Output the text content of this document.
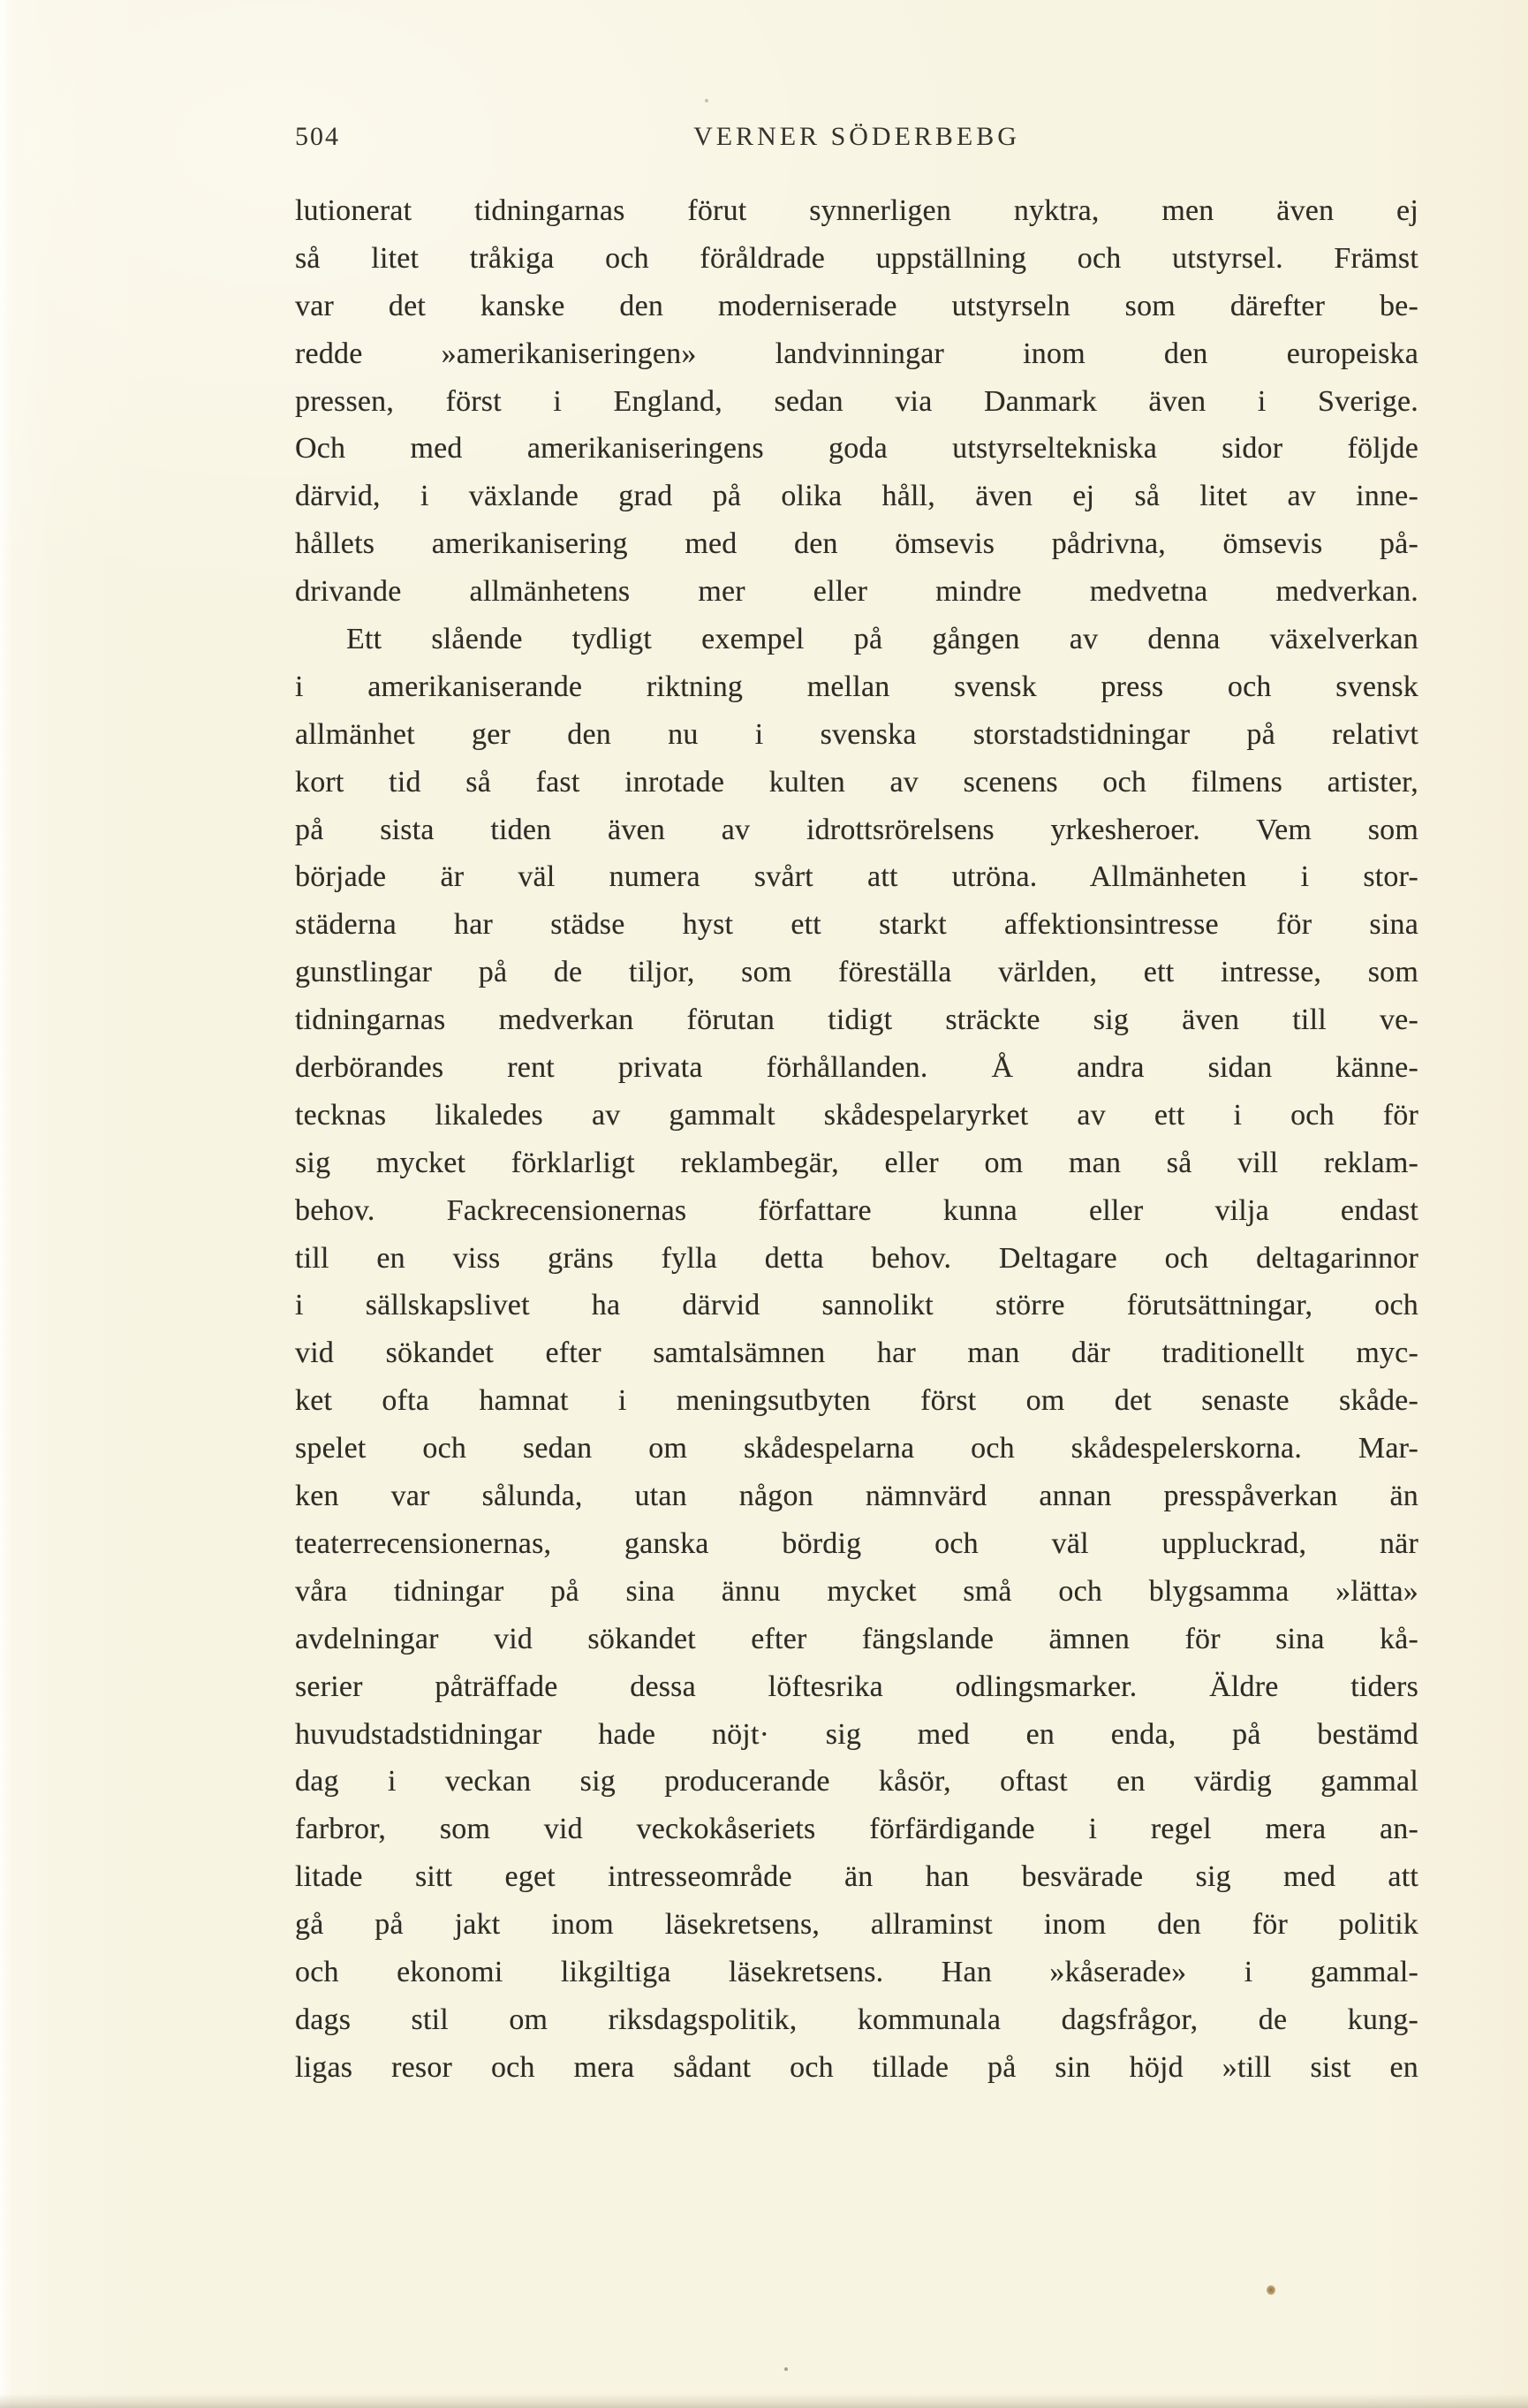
504	VERNER SÖDERBEBG
lutionerat tidningarnas förut synnerligen nyktra, men även ej
så litet tråkiga och föråldrade uppställning och utstyrsel. Främst
var det kanske den moderniserade utstyrseln som därefter be-
redde »amerikaniseringen» landvinningar inom den europeiska
pressen, först i England, sedan via Danmark även i Sverige.
Och med amerikaniseringens goda utstyrseltekniska sidor följde
därvid, i växlande grad på olika håll, även ej så litet av inne-
hållets amerikanisering med den ömsevis pådrivna, ömsevis på-
drivande allmänhetens mer eller mindre medvetna medverkan.
Ett slående tydligt exempel på gången av denna växelverkan
i amerikaniserande riktning mellan svensk press och svensk
allmänhet ger den nu i svenska storstadstidningar på relativt
kort tid så fast inrotade kulten av scenens och filmens artister,
på sista tiden även av idrottsrörelsens yrkesheroer. Vem som
började är väl numera svårt att utröna. Allmänheten i stor-
städerna har städse hyst ett starkt affektionsintresse för sina
gunstlingar på de tiljor, som föreställa världen, ett intresse, som
tidningarnas medverkan förutan tidigt sträckte sig även till ve-
derbörandes rent privata förhållanden. Å andra sidan känne-
tecknas likaledes av gammalt skådespelaryrket av ett i och för
sig mycket förklarligt reklambegär, eller om man så vill reklam-
behov. Fackrecensionernas författare kunna eller vilja endast
till en viss gräns fylla detta behov. Deltagare och deltagarinnor
i sällskapslivet ha därvid sannolikt större förutsättningar, och
vid sökandet efter samtalsämnen har man där traditionellt myc-
ket ofta hamnat i meningsutbyten först om det senaste skåde-
spelet och sedan om skådespelarna och skådespelerskorna. Mar-
ken var sålunda, utan någon nämnvärd annan presspåverkan än
teaterrecensionernas, ganska bördig och väl uppluckrad, när
våra tidningar på sina ännu mycket små och blygsamma »lätta»
avdelningar vid sökandet efter fängslande ämnen för sina kå-
serier påträffade dessa löftesrika odlingsmarker. Äldre tiders
huvudstadstidningar hade nöjt· sig med en enda, på bestämd
dag i veckan sig producerande kåsör, oftast en värdig gammal
farbror, som vid veckokåseriets förfärdigande i regel mera an-
litade sitt eget intresseområde än han besvärade sig med att
gå på jakt inom läsekretsens, allraminst inom den för politik
och ekonomi likgiltiga läsekretsens. Han »kåserade» i gammal-
dags stil om riksdagspolitik, kommunala dagsfrågor, de kung-
ligas resor och mera sådant och tillade på sin höjd »till sist en
